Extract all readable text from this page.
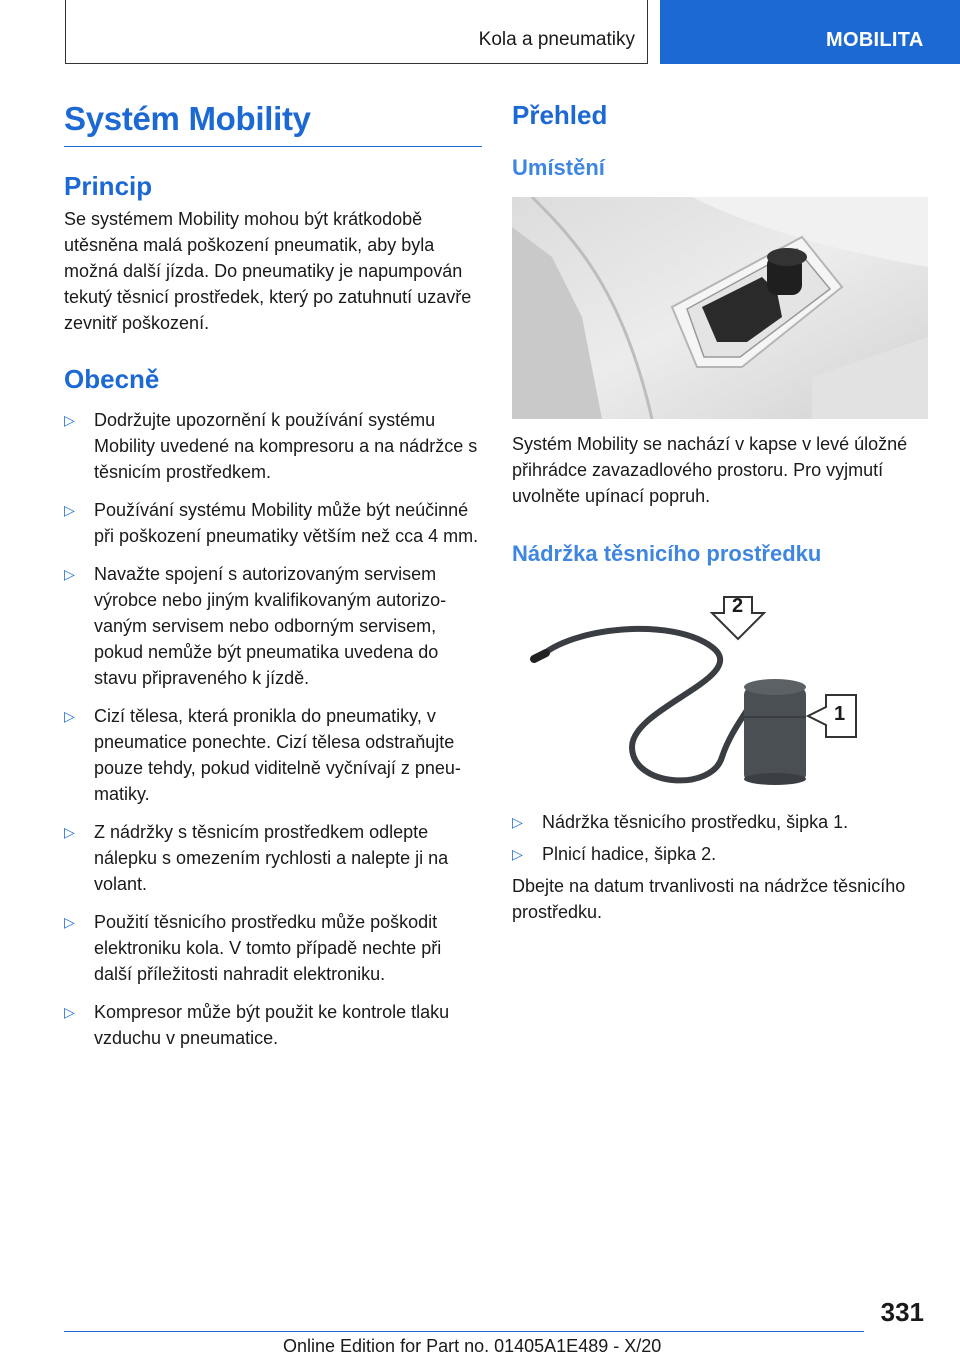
Kola a pneumatiky	MOBILITA
Systém Mobility
Princip

Se systémem Mobility mohou být krátkodobě utěsněna malá poškození pneumatik, aby byla možná další jízda. Do pneumatiky je napumpován tekutý těsnicí prostředek, který po zatuhnutí uzavře zevnitř poškození.

Obecně
▷ Dodržujte upozornění k používání systému Mobility uvedené na kompresoru a na nádržce s těsnicím prostředkem.
▷ Používání systému Mobility může být neúčinné při poškození pneumatiky větším než cca 4 mm.
▷ Navažte spojení s autorizovaným servisem výrobce nebo jiným kvalifikovaným autorizovaným servisem nebo odborným servisem, pokud nemůže být pneumatika uvedena do stavu připraveného k jízdě.
▷ Cizí tělesa, která pronikla do pneumatiky, v pneumatice ponechte. Cizí tělesa odstraňujte pouze tehdy, pokud viditelně vyčnívají z pneumatiky.
▷ Z nádržky s těsnicím prostředkem odlepte nálepku s omezením rychlosti a nalepte ji na volant.
▷ Použití těsnicího prostředku může poškodit elektroniku kola. V tomto případě nechte při další příležitosti nahradit elektroniku.
▷ Kompresor může být použit ke kontrole tlaku vzduchu v pneumatice.
Přehled
Umístění

Systém Mobility se nachází v kapse v levé úložné přihrádce zavazadlového prostoru. Pro vyjmutí uvolněte upínací popruh.

Nádržka těsnicího prostředku
2
1
▷ Nádržka těsnicího prostředku, šipka 1.
▷ Plnicí hadice, šipka 2.

Dbejte na datum trvanlivosti na nádržce těsnicího prostředku.

331
Online Edition for Part no. 01405A1E489 - X/20
